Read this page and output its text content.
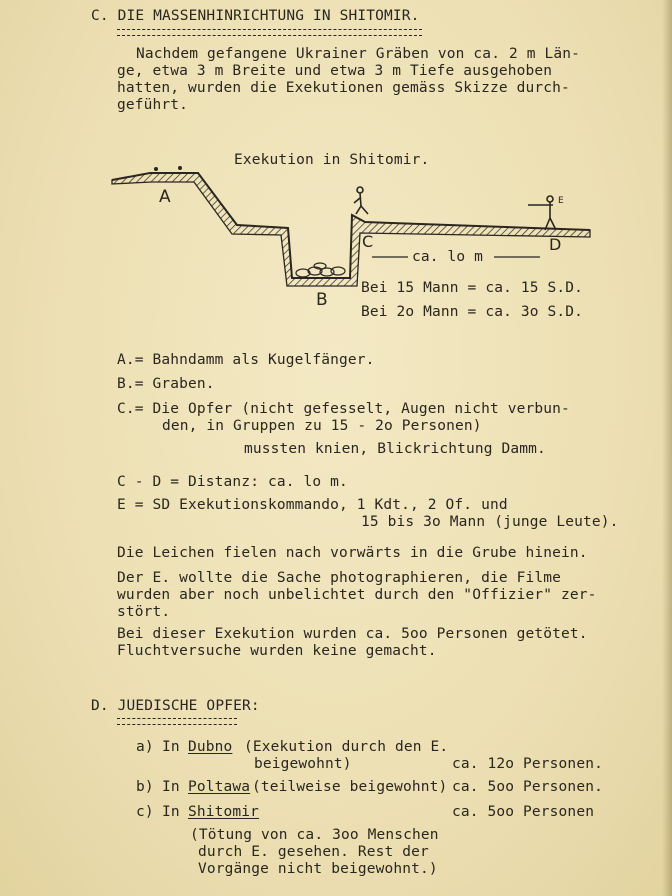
C. DIE MASSENHINRICHTUNG IN SHITOMIR.
Nachdem gefangene Ukrainer Gräben von ca. 2 m Län-
ge, etwa 3 m Breite und etwa 3 m Tiefe ausgehoben
hatten, wurden die Exekutionen gemäss Skizze durch-
geführt.
Exekution in Shitomir.
A
B
C	D
E
ca. lo m
Bei 15 Mann = ca. 15 S.D.
Bei 2o Mann = ca. 3o S.D.
A.= Bahndamm als Kugelfänger.
B.= Graben.
C.= Die Opfer (nicht gefesselt, Augen nicht verbun-
den, in Gruppen zu 15 - 2o Personen)
mussten knien, Blickrichtung Damm.
C - D = Distanz: ca. lo m.
E = SD Exekutionskommando, 1 Kdt., 2 Of. und
15 bis 3o Mann (junge Leute).
Die Leichen fielen nach vorwärts in die Grube hinein.
Der E. wollte die Sache photographieren, die Filme
wurden aber noch unbelichtet durch den "Offizier" zer-
stört.
Bei dieser Exekution wurden ca. 5oo Personen getötet.
Fluchtversuche wurden keine gemacht.
D. JUEDISCHE OPFER:
a) In Dubno (Exekution durch den E.
beigewohnt)	ca. 12o Personen.
b) In Poltawa (teilweise beigewohnt) ca. 5oo Personen.
c) In Shitomir	ca. 5oo Personen
(Tötung von ca. 3oo Menschen
durch E. gesehen. Rest der
Vorgänge nicht beigewohnt.)
